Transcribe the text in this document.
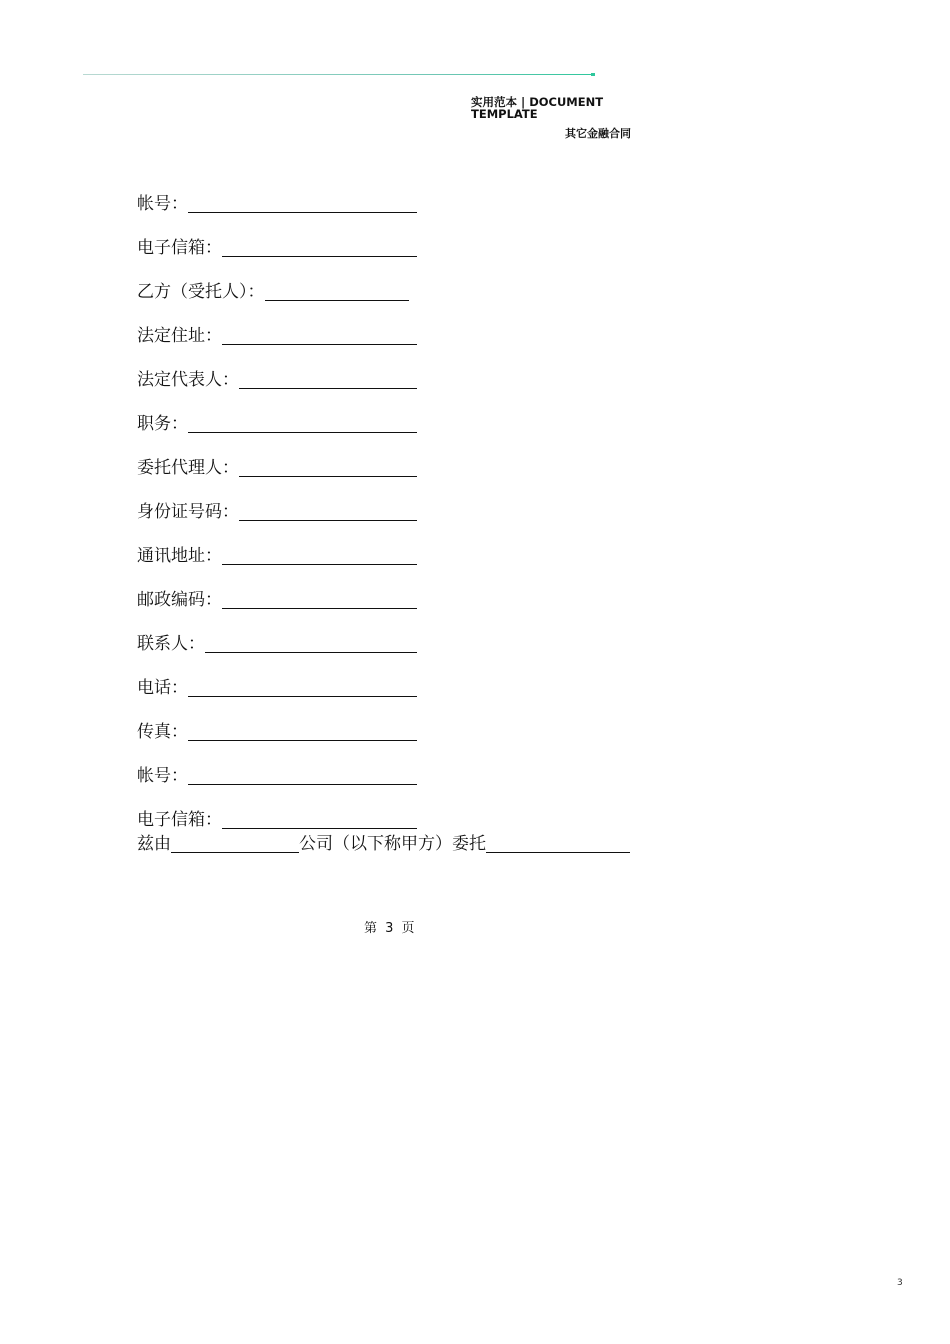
实用范本 | DOCUMENT TEMPLATE
其它金融合同
帐号：
电子信箱：
乙方（受托人）：
法定住址：
法定代表人：
职务：
委托代理人：
身份证号码：
通讯地址：
邮政编码：
联系人：
电话：
传真：
帐号：
电子信箱：
兹由	公司（以下称甲方）委托
第 3 页
3
